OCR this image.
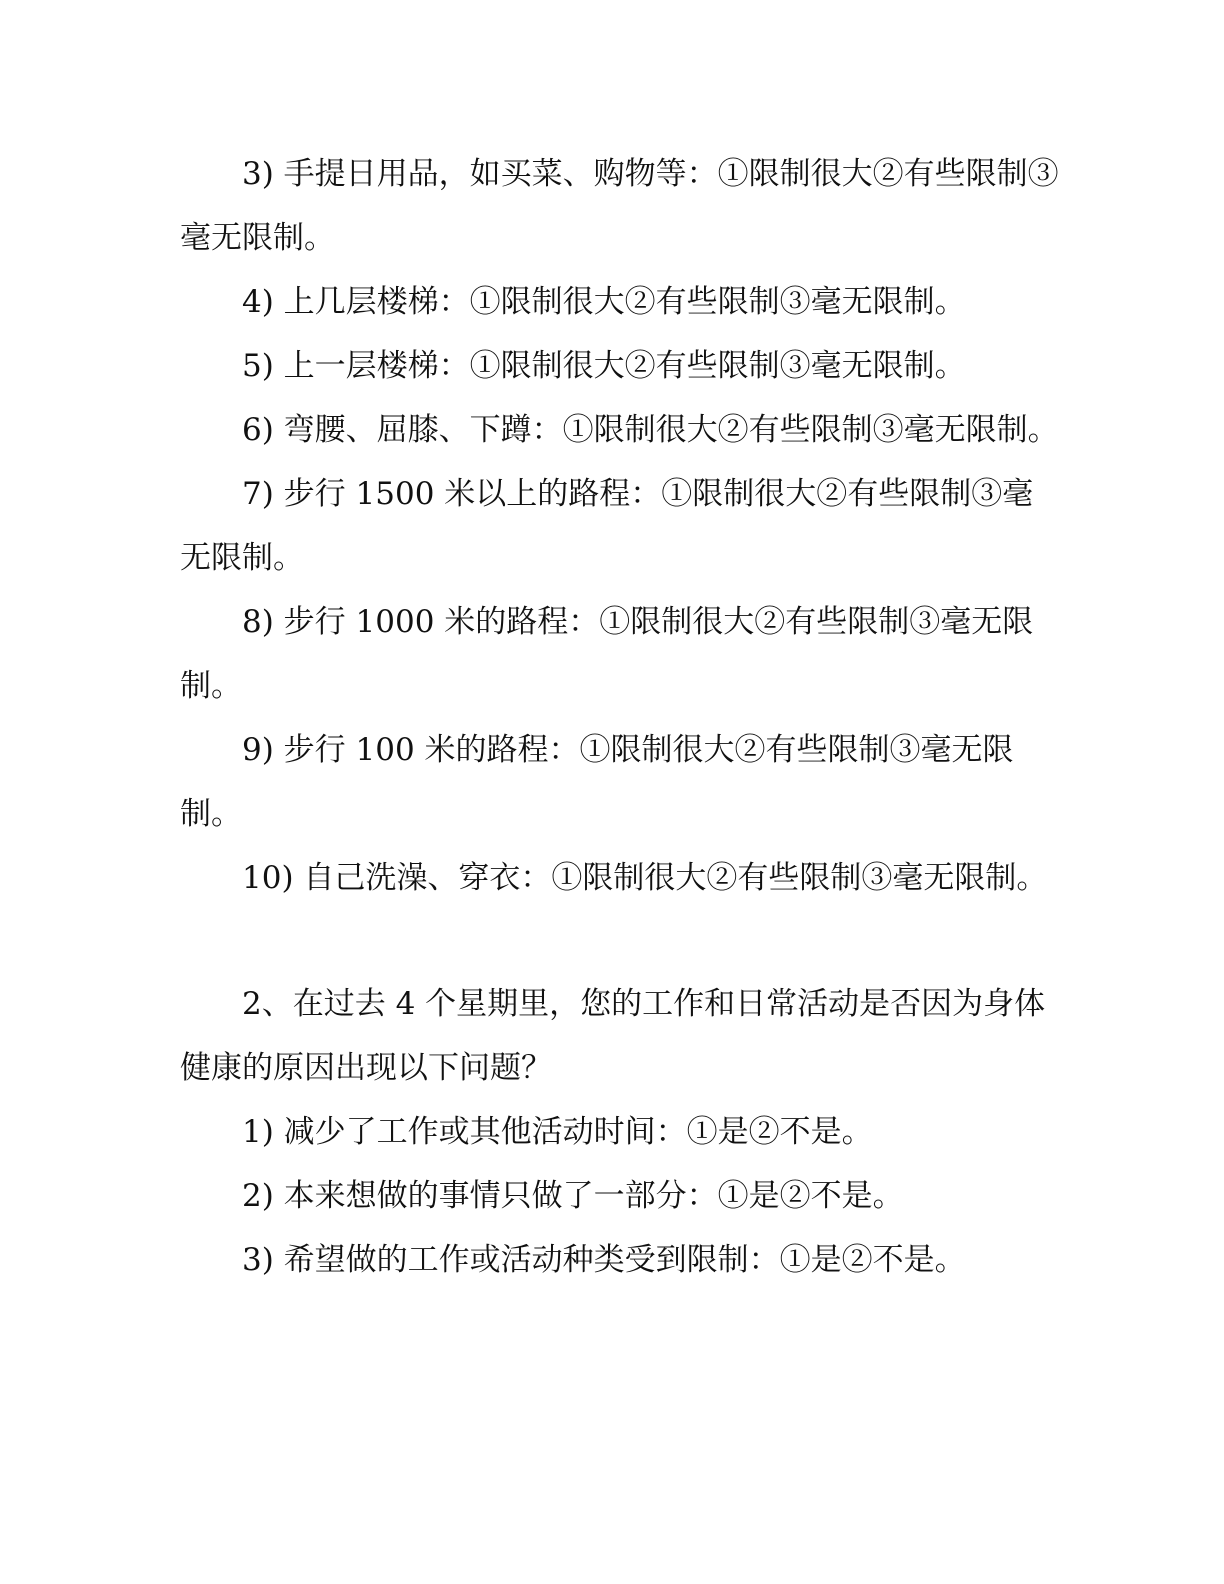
3) 手提日用品，如买菜、购物等：①限制很大②有些限制③毫无限制。

4) 上几层楼梯：①限制很大②有些限制③毫无限制。

5) 上一层楼梯：①限制很大②有些限制③毫无限制。

6) 弯腰、屈膝、下蹲：①限制很大②有些限制③毫无限制。

7) 步行 1500 米以上的路程：①限制很大②有些限制③毫无限制。

8) 步行 1000 米的路程：①限制很大②有些限制③毫无限制。

9) 步行 100 米的路程：①限制很大②有些限制③毫无限制。

10) 自己洗澡、穿衣：①限制很大②有些限制③毫无限制。

2、在过去 4 个星期里，您的工作和日常活动是否因为身体健康的原因出现以下问题？

1) 减少了工作或其他活动时间：①是②不是。

2) 本来想做的事情只做了一部分：①是②不是。

3) 希望做的工作或活动种类受到限制：①是②不是。
